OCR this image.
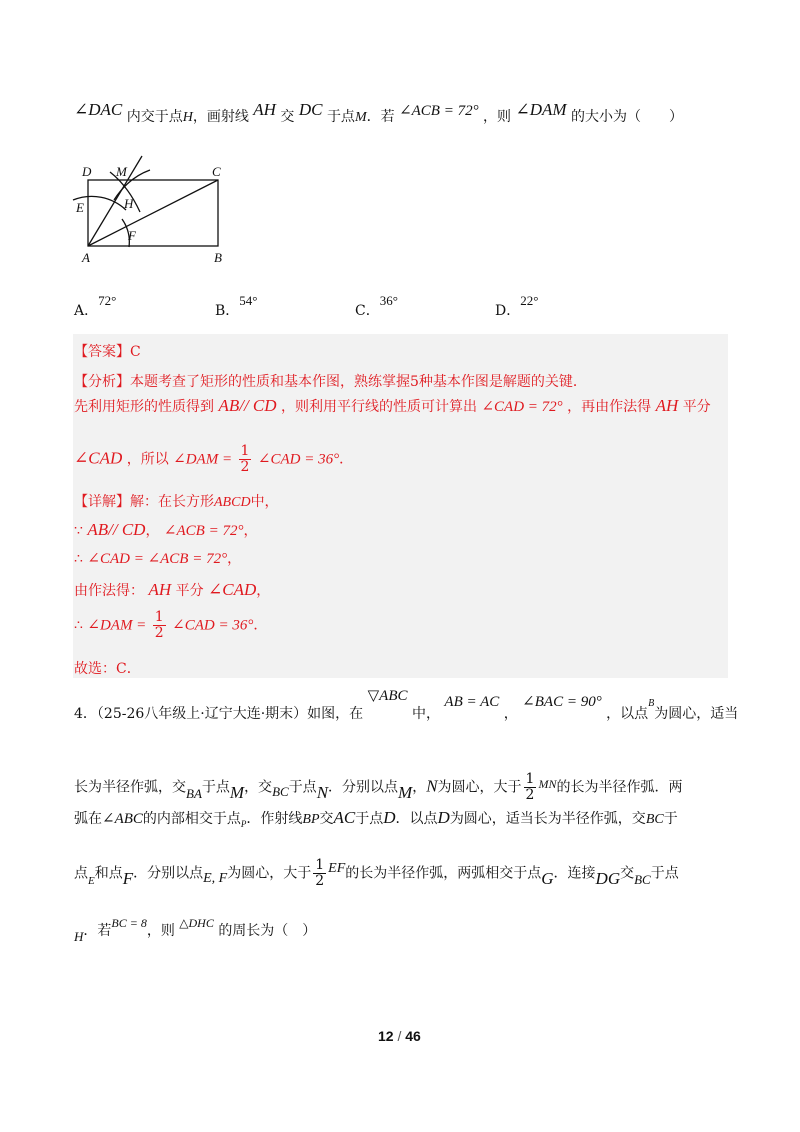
∠DAC 内交于点H，画射线 AH 交 DC 于点M．若 ∠ACB = 72° ，则 ∠DAM 的大小为（　　）
D M	C
E	H
F
A	B
A．72°
B．54°
C．36°
D．22°
【答案】C
【分析】本题考查了矩形的性质和基本作图，熟练掌握5种基本作图是解题的关键．
先利用矩形的性质得到 AB// CD ，则利用平行线的性质可计算出 ∠CAD = 72° ，再由作法得 AH 平分
∠CAD ，所以 ∠DAM = $\frac{1}{2}$ ∠CAD = 36°．
【详解】解：在长方形ABCD中，
∵ AB// CD， ∠ACB = 72°，
∴ ∠CAD = ∠ACB = 72°，
由作法得： AH 平分 ∠CAD，
∴ ∠DAM = $\frac{1}{2}$ ∠CAD = 36°．
故选：C．
4．（25-26八年级上·辽宁大连·期末）如图，在 ▽ABC 中， AB = AC ， ∠BAC = 90° ，以点$^B$为圆心，适当
长为半径作弧，交BA于点M，交BC于点N．分别以点M，N为圆心，大于 $\frac{1}{2}$ MN的长为半径作弧．两
弧在∠ABC的内部相交于点$_P$．作射线BP交AC于点D．以点D为圆心，适当长为半径作弧，交BC于
点$_E$和点F．分别以点E, F为圆心，大于 $\frac{1}{2}$ EF的长为半径作弧，两弧相交于点G．连接DG交BC于点
H．若BC = 8，则 △DHC 的周长为（　）
12 / 46
